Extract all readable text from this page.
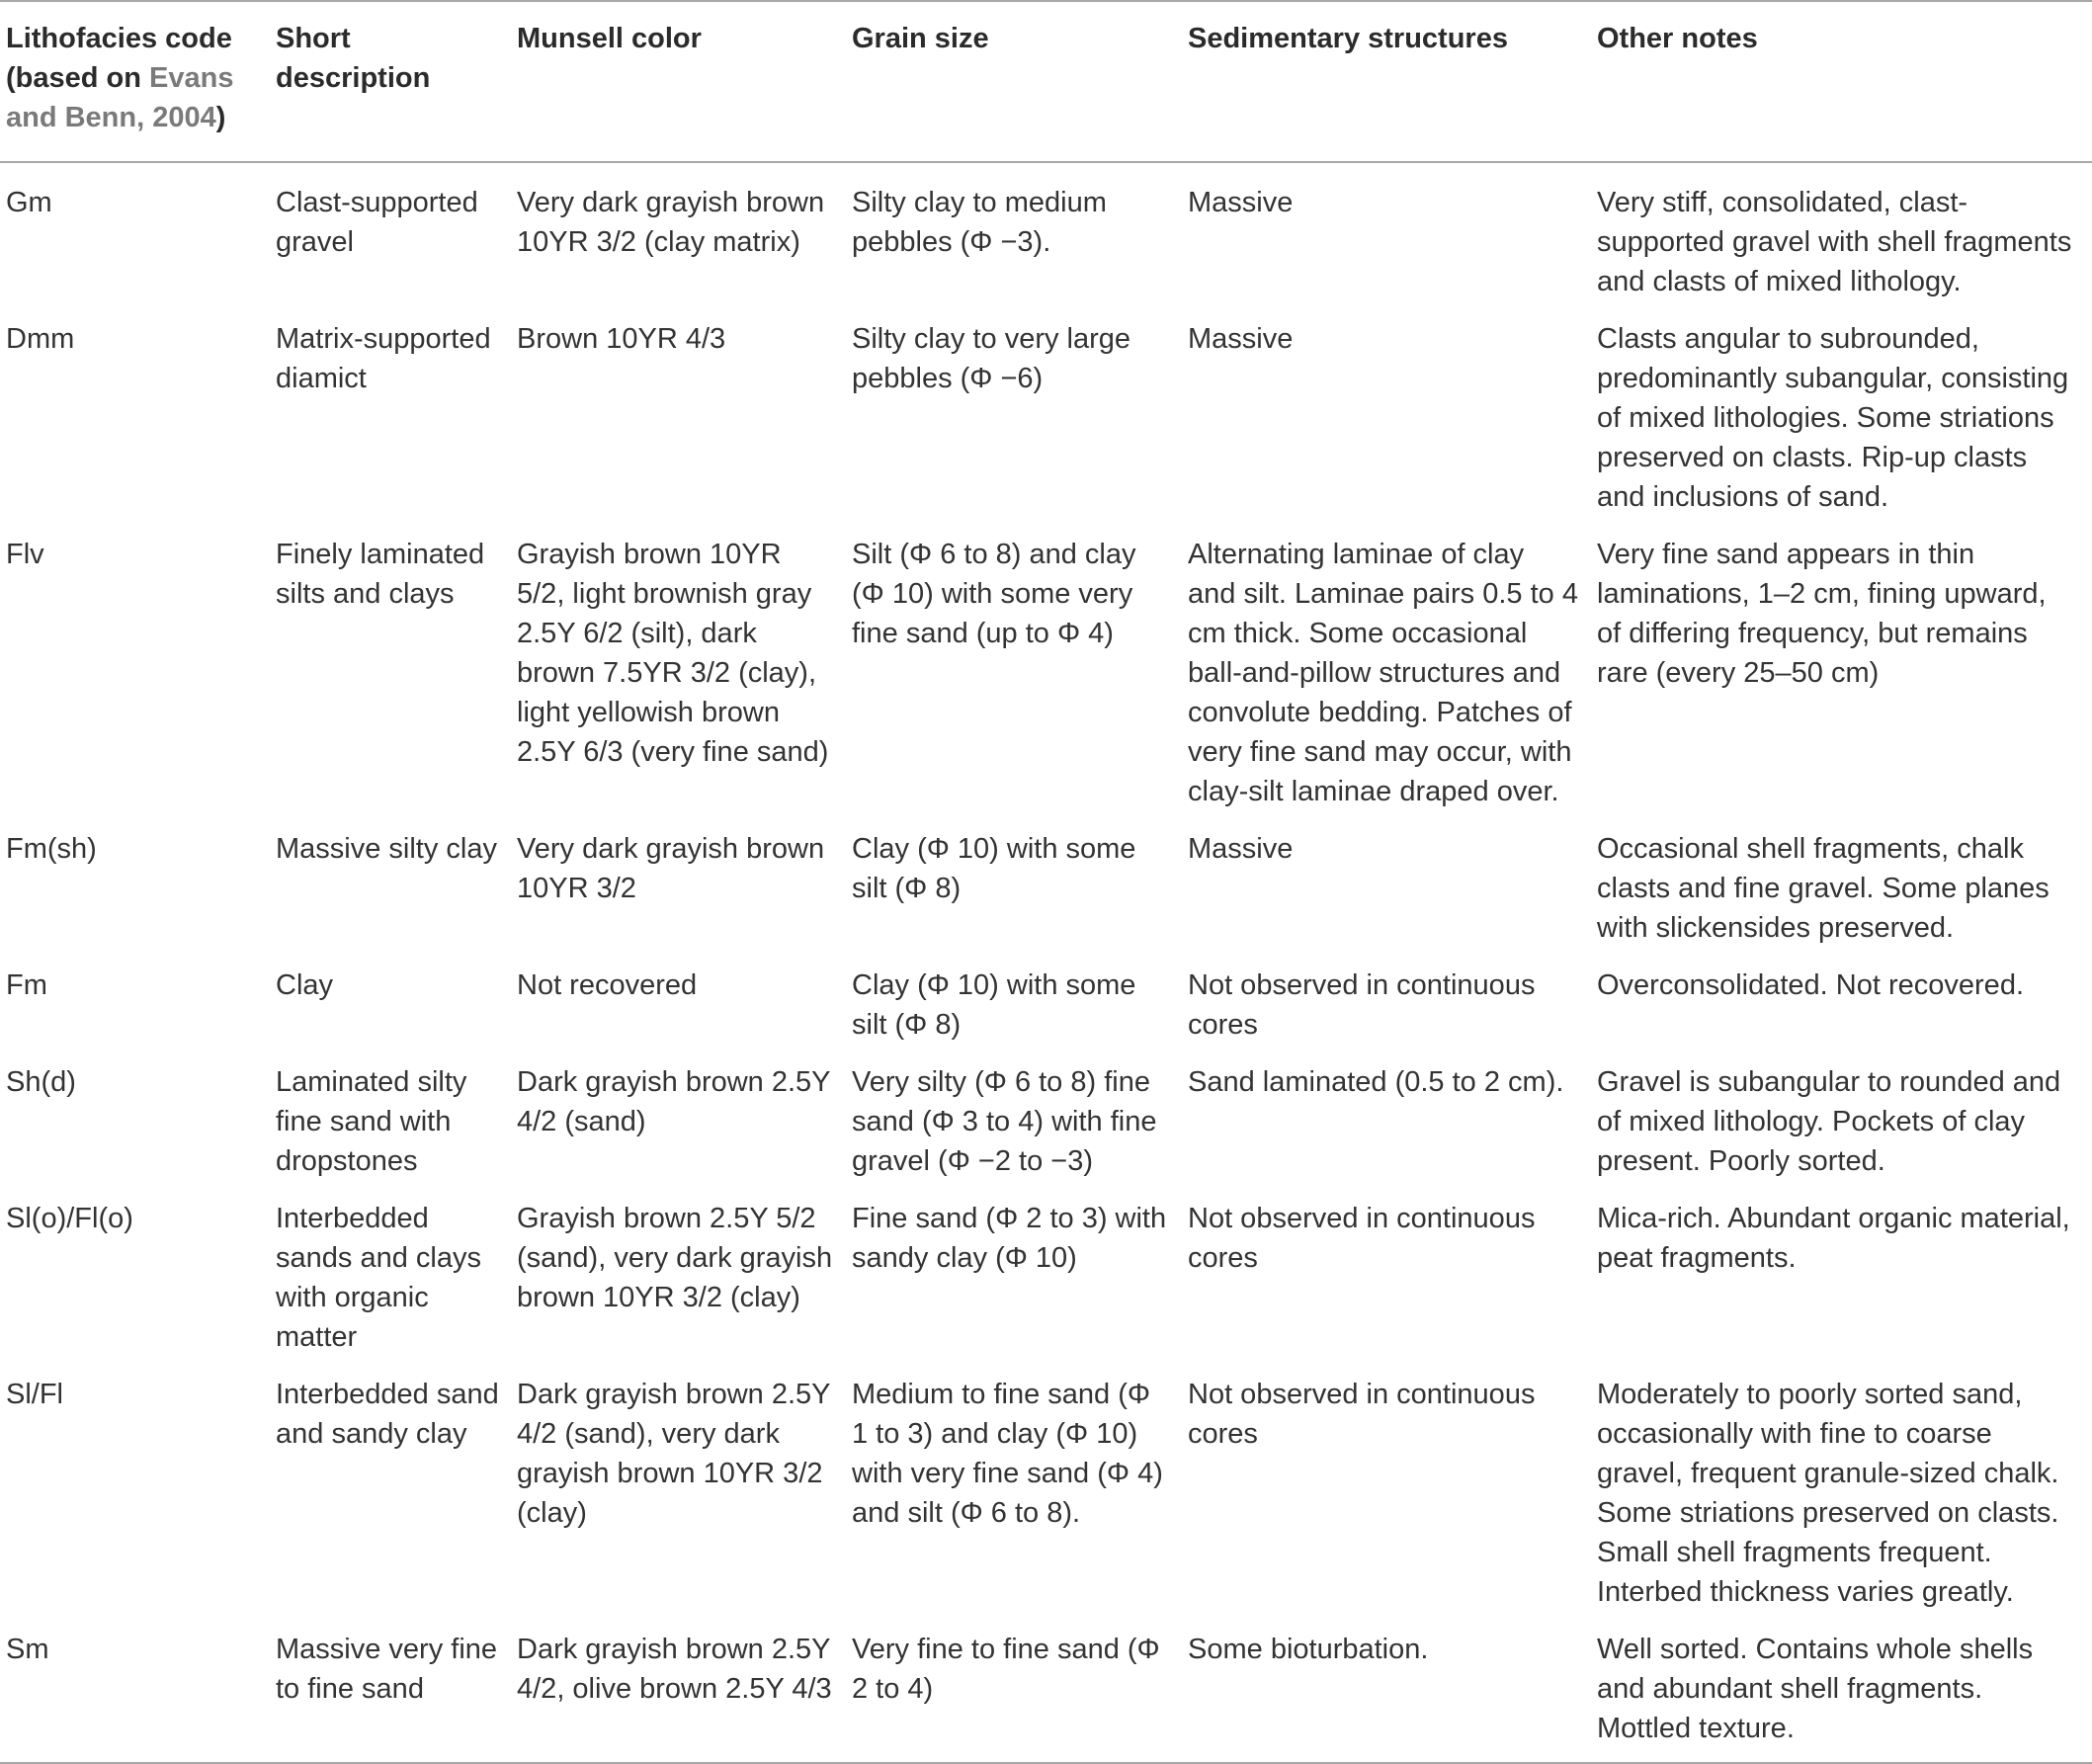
Lithofacies code (based on Evans and Benn, 2004)	Short description	Munsell color	Grain size	Sedimentary structures	Other notes
Gm	Clast-supported gravel	Very dark grayish brown 10YR 3/2 (clay matrix)	Silty clay to medium pebbles (Φ −3).	Massive	Very stiff, consolidated, clast-supported gravel with shell fragments and clasts of mixed lithology.
Dmm	Matrix-supported diamict	Brown 10YR 4/3	Silty clay to very large pebbles (Φ −6)	Massive	Clasts angular to subrounded, predominantly subangular, consisting of mixed lithologies. Some striations preserved on clasts. Rip-up clasts and inclusions of sand.
Flv	Finely laminated silts and clays	Grayish brown 10YR 5/2, light brownish gray 2.5Y 6/2 (silt), dark brown 7.5YR 3/2 (clay), light yellowish brown 2.5Y 6/3 (very fine sand)	Silt (Φ 6 to 8) and clay (Φ 10) with some very fine sand (up to Φ 4)	Alternating laminae of clay and silt. Laminae pairs 0.5 to 4 cm thick. Some occasional ball-and-pillow structures and convolute bedding. Patches of very fine sand may occur, with clay-silt laminae draped over.	Very fine sand appears in thin laminations, 1–2 cm, fining upward, of differing frequency, but remains rare (every 25–50 cm)
Fm(sh)	Massive silty clay	Very dark grayish brown 10YR 3/2	Clay (Φ 10) with some silt (Φ 8)	Massive	Occasional shell fragments, chalk clasts and fine gravel. Some planes with slickensides preserved.
Fm	Clay	Not recovered	Clay (Φ 10) with some silt (Φ 8)	Not observed in continuous cores	Overconsolidated. Not recovered.
Sh(d)	Laminated silty fine sand with dropstones	Dark grayish brown 2.5Y 4/2 (sand)	Very silty (Φ 6 to 8) fine sand (Φ 3 to 4) with fine gravel (Φ −2 to −3)	Sand laminated (0.5 to 2 cm).	Gravel is subangular to rounded and of mixed lithology. Pockets of clay present. Poorly sorted.
Sl(o)/Fl(o)	Interbedded sands and clays with organic matter	Grayish brown 2.5Y 5/2 (sand), very dark grayish brown 10YR 3/2 (clay)	Fine sand (Φ 2 to 3) with sandy clay (Φ 10)	Not observed in continuous cores	Mica-rich. Abundant organic material, peat fragments.
Sl/Fl	Interbedded sand and sandy clay	Dark grayish brown 2.5Y 4/2 (sand), very dark grayish brown 10YR 3/2 (clay)	Medium to fine sand (Φ 1 to 3) and clay (Φ 10) with very fine sand (Φ 4) and silt (Φ 6 to 8).	Not observed in continuous cores	Moderately to poorly sorted sand, occasionally with fine to coarse gravel, frequent granule-sized chalk. Some striations preserved on clasts. Small shell fragments frequent. Interbed thickness varies greatly.
Sm	Massive very fine to fine sand	Dark grayish brown 2.5Y 4/2, olive brown 2.5Y 4/3	Very fine to fine sand (Φ 2 to 4)	Some bioturbation.	Well sorted. Contains whole shells and abundant shell fragments. Mottled texture.
